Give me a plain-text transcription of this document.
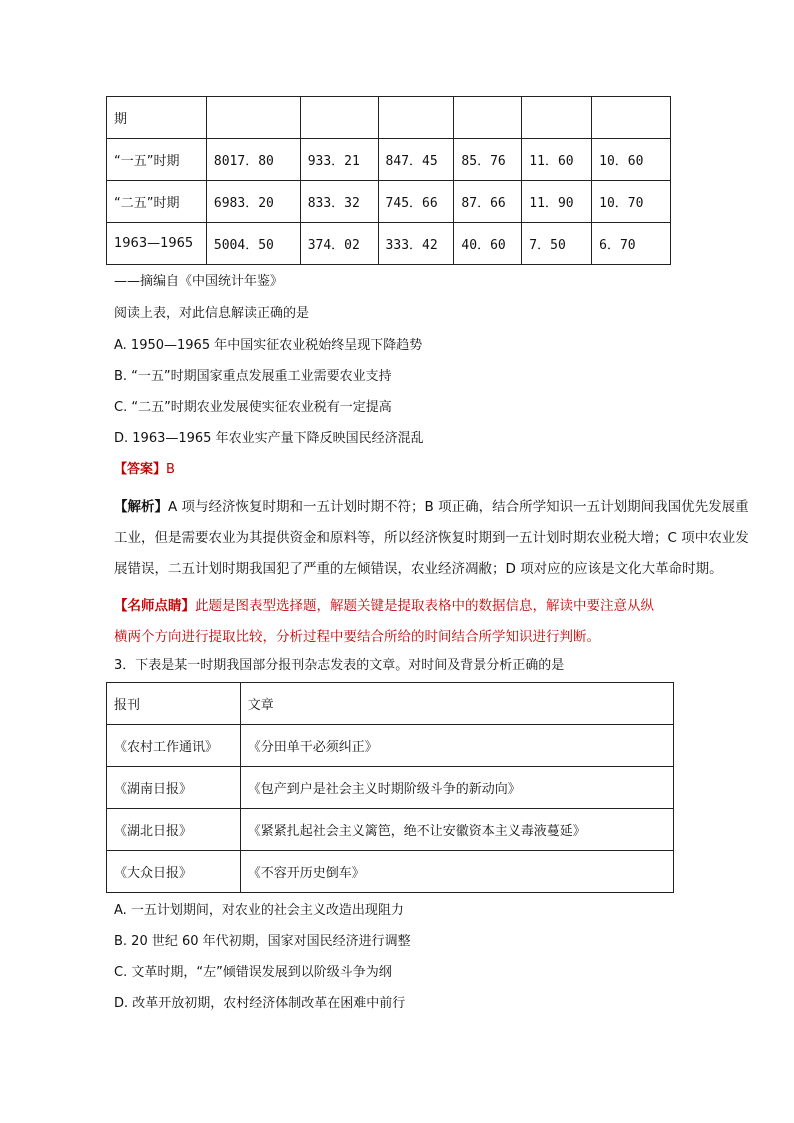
期						
“一五”时期	8017．80	933．21	847．45	85．76	11．60	10．60
“二五”时期	6983．20	833．32	745．66	87．66	11．90	10．70
1963—1965	5004．50	374．02	333．42	40．60	7．50	6．70
——摘编自《中国统计年鉴》
阅读上表，对此信息解读正确的是
A. 1950—1965 年中国实征农业税始终呈现下降趋势
B. “一五”时期国家重点发展重工业需要农业支持
C. “二五”时期农业发展使实征农业税有一定提高
D. 1963—1965 年农业实产量下降反映国民经济混乱
【答案】B
【解析】A 项与经济恢复时期和一五计划时期不符；B 项正确，结合所学知识一五计划期间我国优先发展重
工业，但是需要农业为其提供资金和原料等，所以经济恢复时期到一五计划时期农业税大增；C 项中农业发
展错误，二五计划时期我国犯了严重的左倾错误，农业经济凋敝；D 项对应的应该是文化大革命时期。
【名师点睛】此题是图表型选择题，解题关键是提取表格中的数据信息，解读中要注意从纵
横两个方向进行提取比较，分析过程中要结合所给的时间结合所学知识进行判断。
3．下表是某一时期我国部分报刊杂志发表的文章。对时间及背景分析正确的是
报刊	文章
《农村工作通讯》	《分田单干必须纠正》
《湖南日报》	《包产到户是社会主义时期阶级斗争的新动向》
《湖北日报》	《紧紧扎起社会主义篱笆，绝不让安徽资本主义毒液蔓延》
《大众日报》	《不容开历史倒车》
A. 一五计划期间，对农业的社会主义改造出现阻力
B. 20 世纪 60 年代初期，国家对国民经济进行调整
C. 文革时期，“左”倾错误发展到以阶级斗争为纲
D. 改革开放初期，农村经济体制改革在困难中前行
